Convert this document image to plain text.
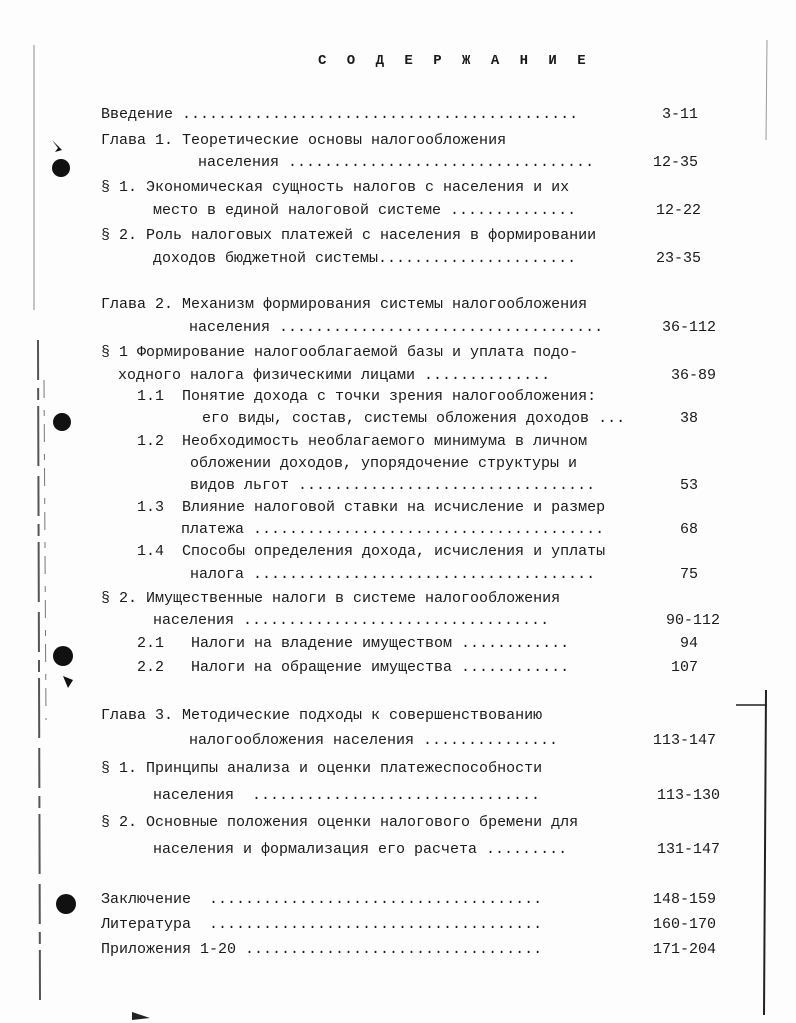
С О Д Е Р Ж А Н И Е
Введение ............................................	3-11
Глава 1. Теоретические основы налогообложения
населения ..................................	12-35
§ 1. Экономическая сущность налогов с населения и их
место в единой налоговой системе ..............	12-22
§ 2. Роль налоговых платежей с населения в формировании
доходов бюджетной системы......................	23-35
Глава 2. Механизм формирования системы налогообложения
населения ....................................	36-112
§ 1 Формирование налогооблагаемой базы и уплата подо-
ходного налога физическими лицами ..............	36-89
1.1  Понятие дохода с точки зрения налогообложения:
его виды, состав, системы обложения доходов ...	38
1.2  Необходимость необлагаемого минимума в личном
обложении доходов, упорядочение структуры и
видов льгот .................................	53
1.3  Влияние налоговой ставки на исчисление и размер
платежа .......................................	68
1.4  Способы определения дохода, исчисления и уплаты
налога ......................................	75
§ 2. Имущественные налоги в системе налогообложения
населения ..................................	90-112
2.1   Налоги на владение имуществом ............	94
2.2   Налоги на обращение имущества ............	107
Глава 3. Методические подходы к совершенствованию
налогообложения населения ...............	113-147
§ 1. Принципы анализа и оценки платежеспособности
населения  ................................	113-130
§ 2. Основные положения оценки налогового бремени для
населения и формализация его расчета .........	131-147
Заключение  .....................................	148-159
Литература  .....................................	160-170
Приложения 1-20 .................................	171-204
